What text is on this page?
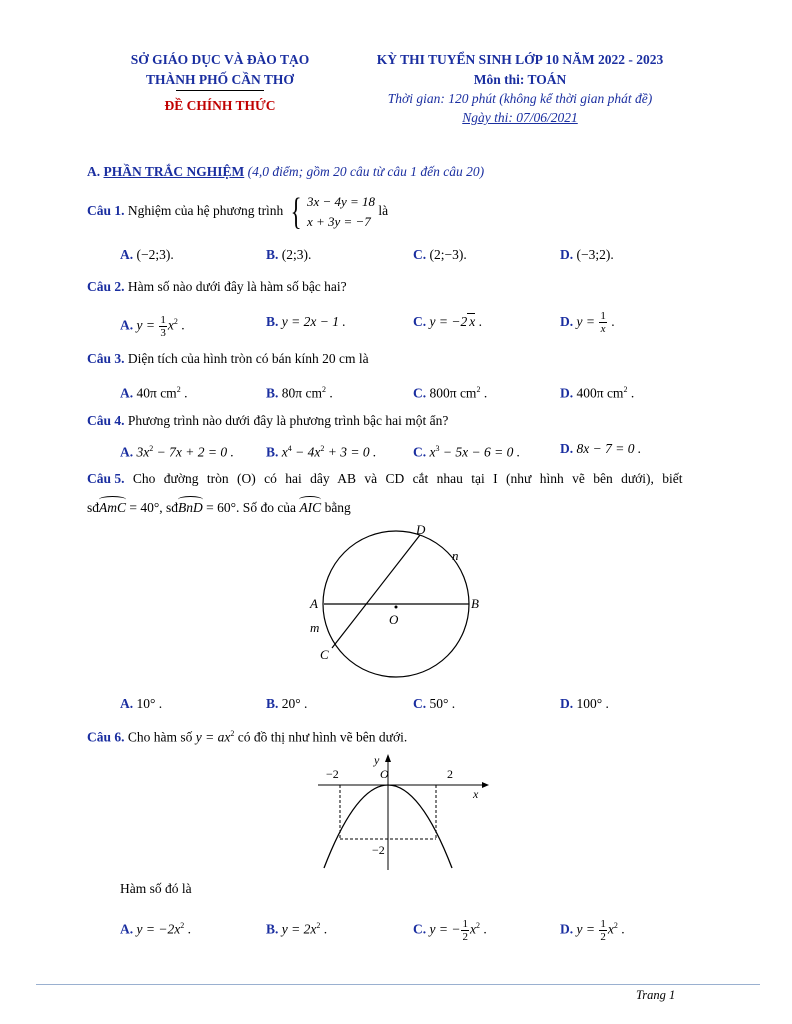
SỞ GIÁO DỤC VÀ ĐÀO TẠO
THÀNH PHỐ CẦN THƠ
ĐỀ CHÍNH THỨC
KỲ THI TUYỂN SINH LỚP 10 NĂM 2022 - 2023
Môn thi: TOÁN
Thời gian: 120 phút (không kể thời gian phát đề)
Ngày thi: 07/06/2021
A. PHẦN TRẮC NGHIỆM (4,0 điểm; gồm 20 câu từ câu 1 đến câu 20)
Câu 1. Nghiệm của hệ phương trình { 3x − 4y = 18
x + 3y = −7
là
A. (−2;3).	B. (2;3).	C. (2;−3).	D. (−3;2).
Câu 2. Hàm số nào dưới đây là hàm số bậc hai?
A. $y = \frac{1}{3} x^2$ .	B. y = 2x − 1 .	C. y = −2 x .	D. $y = \frac{1}{x}$ .
Câu 3. Diện tích của hình tròn có bán kính 20 cm là
A. 40π $cm^2$ .	B. 80π $cm^2$ .	C. 800π $cm^2$ .	D. 400π $cm^2$ .
Câu 4. Phương trình nào dưới đây là phương trình bậc hai một ẩn?
A. $3x^2 - 7x + 2 = 0$ . B. $x^4 - 4x^2 + 3 = 0$ .	C. $x^3 - 5x - 6 = 0$ .	D. 8x − 7 = 0 .
Câu 5. Cho đường tròn (O) có hai dây AB và CD cắt nhau tại I (như hình vẽ bên dưới), biết
sđAmC = 40°, sđBnD = 60°. Số đo của AIC bằng
D
n
A	B
O
m
C
A. 10° .	B. 20° .	C. 50° .	D. 100° .
Câu 6. Cho hàm số $y = ax^2$ có đồ thị như hình vẽ bên dưới.
−2	2
O
y
x
−2
Hàm số đó là
A. $y = -2x^2$ .	B. $y = 2x^2$ .	C. y = − $\frac{1}{2} x^2$ .	D. $y = \frac{1}{2} x^2$ .
Trang 1
